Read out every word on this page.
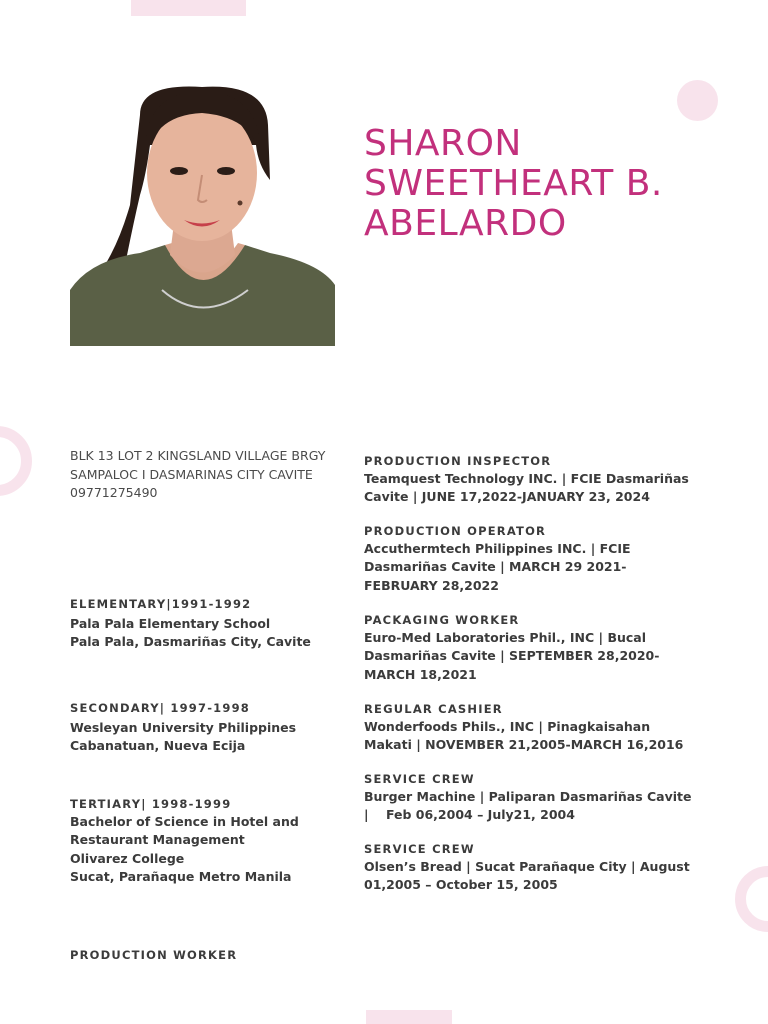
SHARON
SWEETHEART B.
ABELARDO
BLK 13 LOT 2 KINGSLAND VILLAGE BRGY
SAMPALOC I DASMARINAS CITY CAVITE
09771275490
ELEMENTARY|1991-1992
Pala Pala Elementary School
Pala Pala, Dasmariñas City, Cavite
SECONDARY| 1997-1998
Wesleyan University Philippines
Cabanatuan, Nueva Ecija
TERTIARY| 1998-1999
Bachelor of Science in Hotel and
Restaurant Management
Olivarez College
Sucat, Parañaque Metro Manila
PRODUCTION WORKER
PRODUCTION INSPECTOR
Teamquest Technology INC. | FCIE Dasmariñas
Cavite | JUNE 17,2022-JANUARY 23, 2024
PRODUCTION OPERATOR
Accuthermtech Philippines INC. | FCIE
Dasmariñas Cavite | MARCH 29 2021-
FEBRUARY 28,2022
PACKAGING WORKER
Euro-Med Laboratories Phil., INC | Bucal
Dasmariñas Cavite | SEPTEMBER 28,2020-
MARCH 18,2021
REGULAR CASHIER
Wonderfoods Phils., INC | Pinagkaisahan
Makati | NOVEMBER 21,2005-MARCH 16,2016
SERVICE CREW
Burger Machine | Paliparan Dasmariñas Cavite
|    Feb 06,2004 – July21, 2004
SERVICE CREW
Olsen’s Bread | Sucat Parañaque City | August
01,2005 – October 15, 2005
